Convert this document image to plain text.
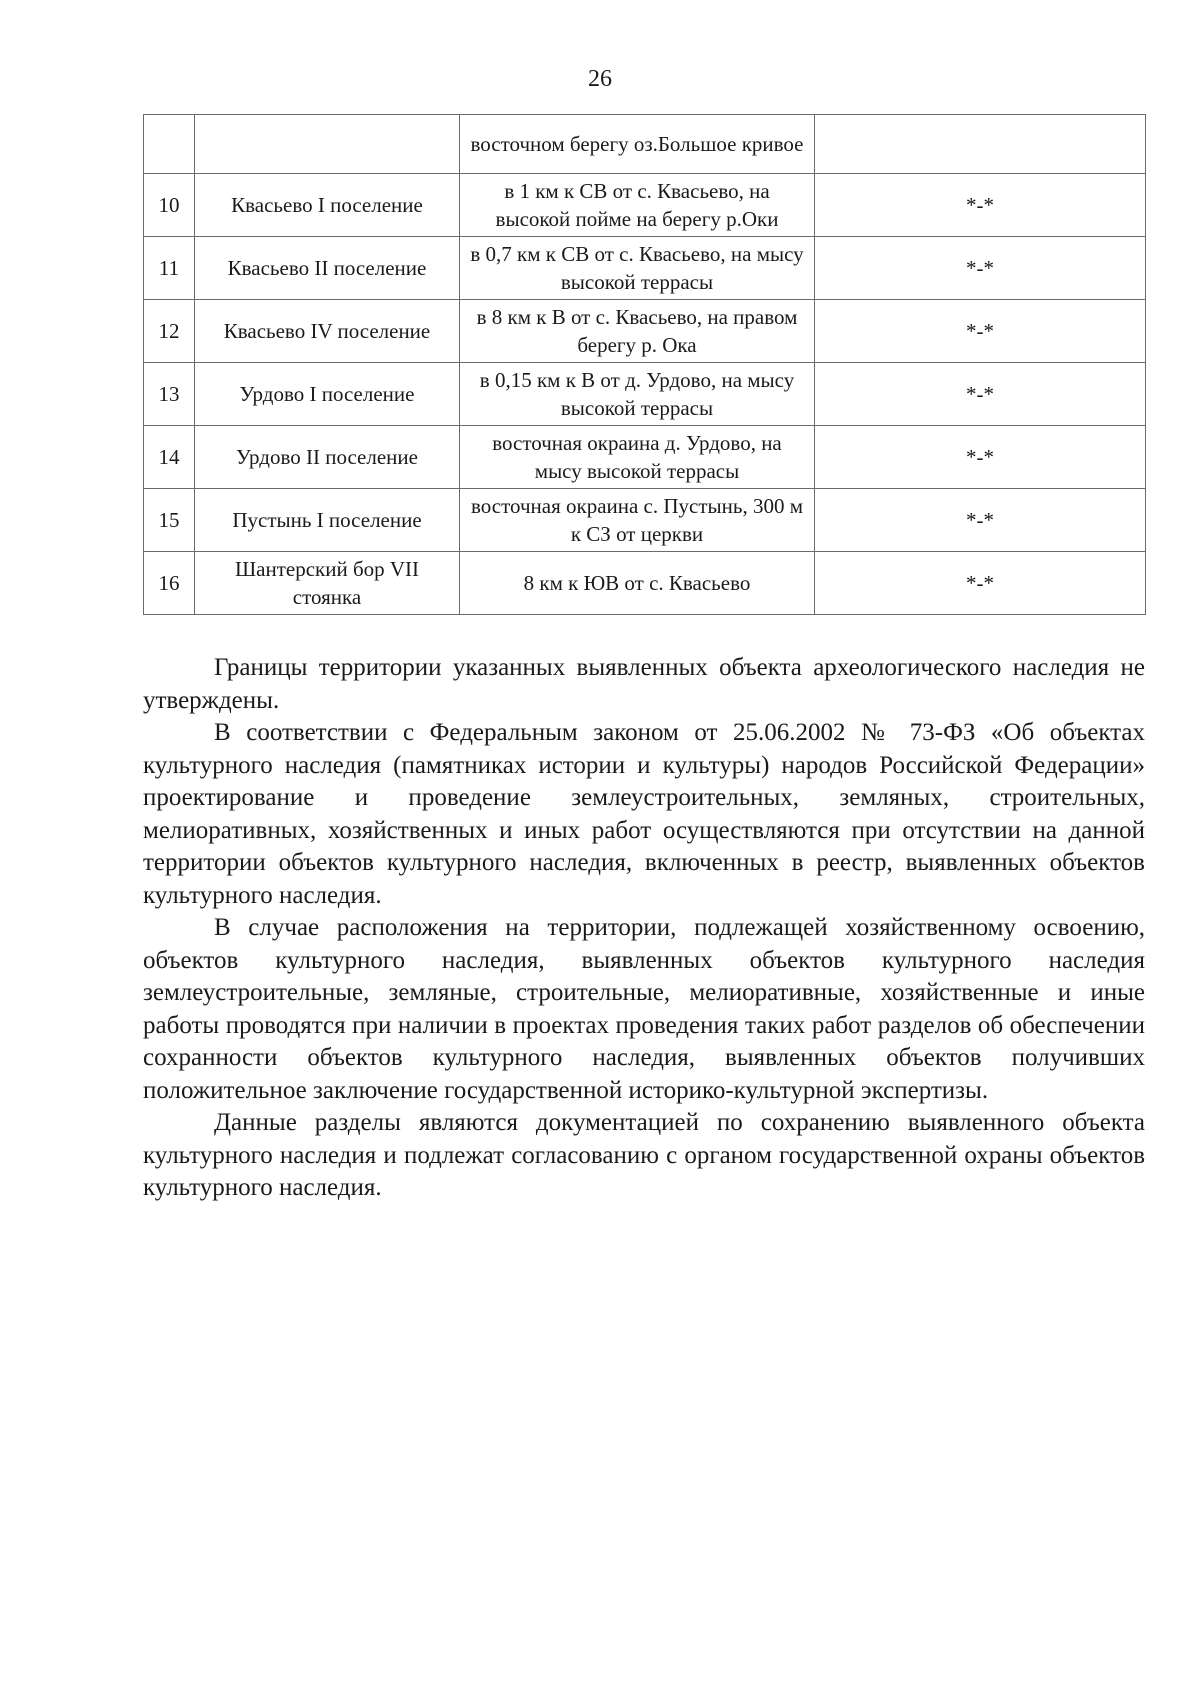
26
		восточном берегу оз.Большое кривое	
10	Квасьево I поселение	в 1 км к СВ от с. Квасьево, на высокой пойме на берегу р.Оки	*-*
11	Квасьево II поселение	в 0,7 км к СВ от с. Квасьево, на мысу высокой террасы	*-*
12	Квасьево IV поселение	в 8 км к В от с. Квасьево, на правом берегу р. Ока	*-*
13	Урдово I поселение	в 0,15 км к В от д. Урдово, на мысу высокой террасы	*-*
14	Урдово II поселение	восточная окраина д. Урдово, на мысу высокой террасы	*-*
15	Пустынь I поселение	восточная окраина с. Пустынь, 300 м к СЗ от церкви	*-*
16	Шантерский бор VII стоянка	8 км к ЮВ от с. Квасьево	*-*

Границы территории указанных выявленных объекта археологического наследия не утверждены.

В соответствии с Федеральным законом от 25.06.2002 № 73-ФЗ «Об объектах культурного наследия (памятниках истории и культуры) народов Российской Федерации» проектирование и проведение землеустроительных, земляных, строительных, мелиоративных, хозяйственных и иных работ осуществляются при отсутствии на данной территории объектов культурного наследия, включенных в реестр, выявленных объектов культурного наследия.

В случае расположения на территории, подлежащей хозяйственному освоению, объектов культурного наследия, выявленных объектов культурного наследия землеустроительные, земляные, строительные, мелиоративные, хозяйственные и иные работы проводятся при наличии в проектах проведения таких работ разделов об обеспечении сохранности объектов культурного наследия, выявленных объектов получивших положительное заключение государственной историко-культурной экспертизы.

Данные разделы являются документацией по сохранению выявленного объекта культурного наследия и подлежат согласованию с органом государственной охраны объектов культурного наследия.
